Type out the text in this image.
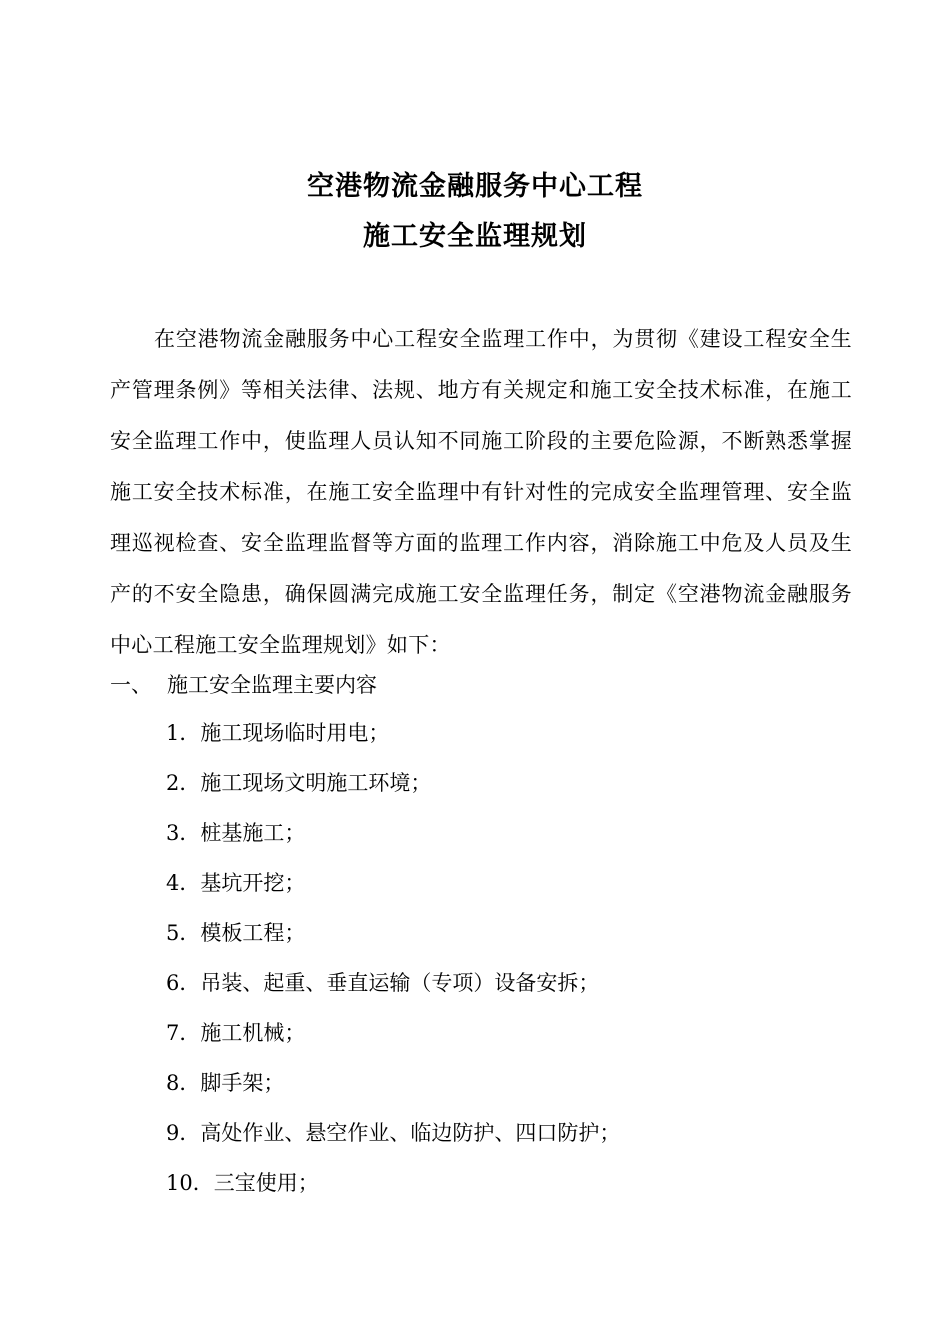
空港物流金融服务中心工程
施工安全监理规划

在空港物流金融服务中心工程安全监理工作中，为贯彻《建设工程安全生产管理条例》等相关法律、法规、地方有关规定和施工安全技术标准，在施工安全监理工作中，使监理人员认知不同施工阶段的主要危险源，不断熟悉掌握施工安全技术标准，在施工安全监理中有针对性的完成安全监理管理、安全监理巡视检查、安全监理监督等方面的监理工作内容，消除施工中危及人员及生产的不安全隐患，确保圆满完成施工安全监理任务，制定《空港物流金融服务中心工程施工安全监理规划》如下：

一、 施工安全监理主要内容
1．施工现场临时用电；
2．施工现场文明施工环境；
3．桩基施工；
4．基坑开挖；
5．模板工程；
6．吊装、起重、垂直运输（专项）设备安拆；
7．施工机械；
8．脚手架；
9．高处作业、悬空作业、临边防护、四口防护；
10．三宝使用；
